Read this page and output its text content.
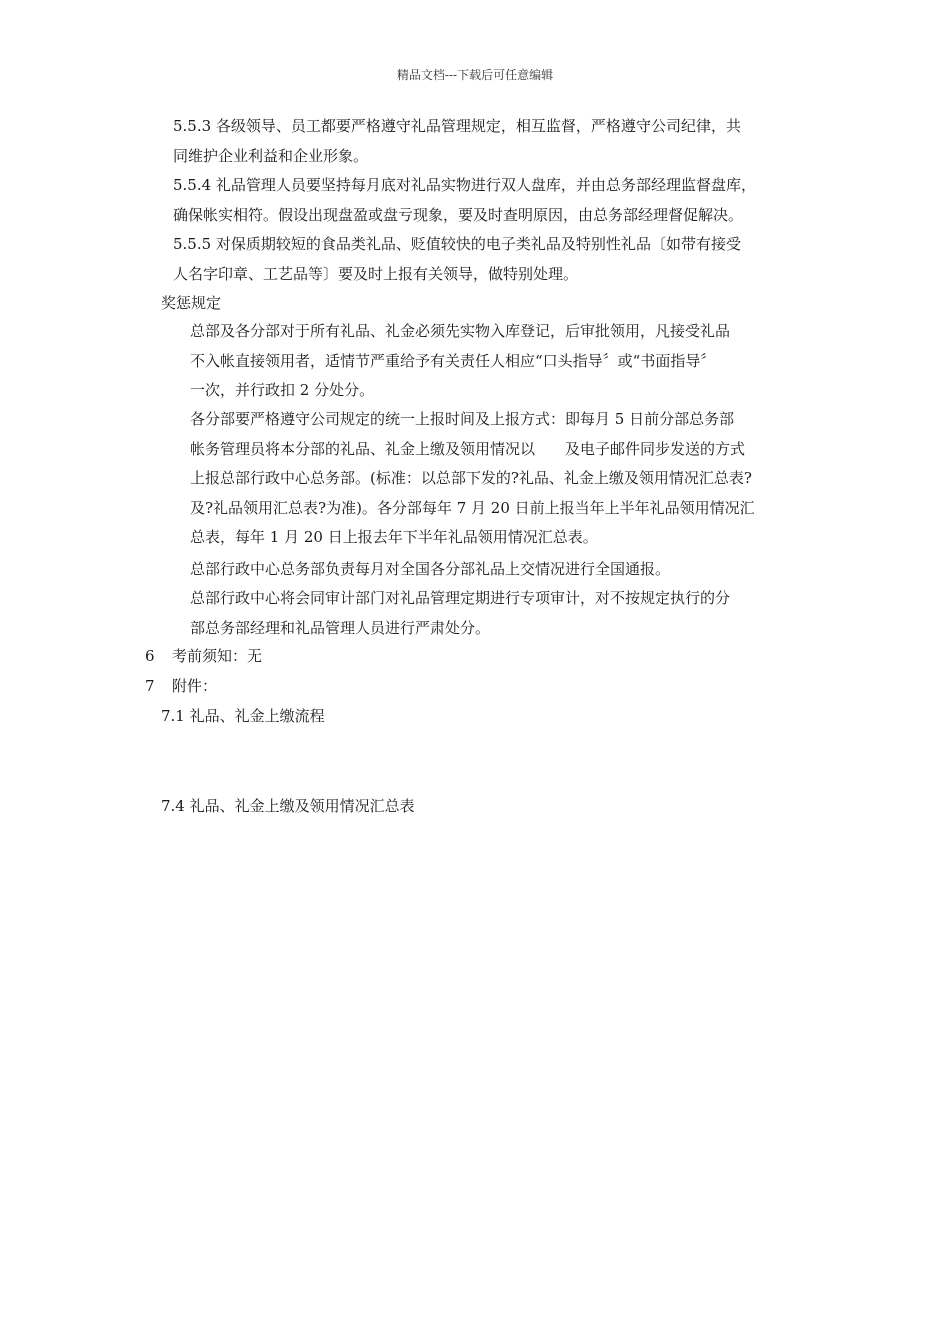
精品文档---下载后可任意编辑
5.5.3 各级领导、员工都要严格遵守礼品管理规定，相互监督，严格遵守公司纪律，共
同维护企业利益和企业形象。
5.5.4 礼品管理人员要坚持每月底对礼品实物进行双人盘库，并由总务部经理监督盘库，
确保帐实相符。假设出现盘盈或盘亏现象，要及时查明原因，由总务部经理督促解决。
5.5.5 对保质期较短的食品类礼品、贬值较快的电子类礼品及特别性礼品〔如带有接受
人名字印章、工艺品等〕要及时上报有关领导，做特别处理。
奖惩规定
总部及各分部对于所有礼品、礼金必须先实物入库登记，后审批领用，凡接受礼品
不入帐直接领用者，适情节严重给予有关责任人相应“口头指导〞或“书面指导〞
一次，并行政扣 2 分处分。
各分部要严格遵守公司规定的统一上报时间及上报方式：即每月 5 日前分部总务部
帐务管理员将本分部的礼品、礼金上缴及领用情况以　　及电子邮件同步发送的方式
上报总部行政中心总务部。(标准：以总部下发的?礼品、礼金上缴及领用情况汇总表?
及?礼品领用汇总表?为准)。各分部每年 7 月 20 日前上报当年上半年礼品领用情况汇
总表，每年 1 月 20 日上报去年下半年礼品领用情况汇总表。
总部行政中心总务部负责每月对全国各分部礼品上交情况进行全国通报。
总部行政中心将会同审计部门对礼品管理定期进行专项审计，对不按规定执行的分
部总务部经理和礼品管理人员进行严肃处分。
6 考前须知：无
7 附件：
7.1 礼品、礼金上缴流程
7.4 礼品、礼金上缴及领用情况汇总表
